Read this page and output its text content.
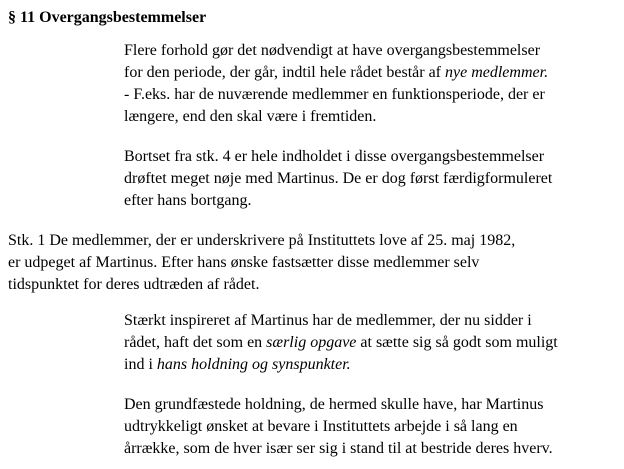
§ 11 Overgangsbestemmelser
Flere forhold gør det nødvendigt at have overgangsbestemmelser
for den periode, der går, indtil hele rådet består af nye medlemmer.
- F.eks. har de nuværende medlemmer en funktionsperiode, der er
længere, end den skal være i fremtiden.
Bortset fra stk. 4 er hele indholdet i disse overgangsbestemmelser
drøftet meget nøje med Martinus. De er dog først færdigformuleret
efter hans bortgang.
Stk. 1 De medlemmer, der er underskrivere på Instituttets love af 25. maj 1982,
er udpeget af Martinus. Efter hans ønske fastsætter disse medlemmer selv
tidspunktet for deres udtræden af rådet.
Stærkt inspireret af Martinus har de medlemmer, der nu sidder i
rådet, haft det som en særlig opgave at sætte sig så godt som muligt
ind i hans holdning og synspunkter.
Den grundfæstede holdning, de hermed skulle have, har Martinus
udtrykkeligt ønsket at bevare i Instituttets arbejde i så lang en
årrække, som de hver især ser sig i stand til at bestride deres hverv.
